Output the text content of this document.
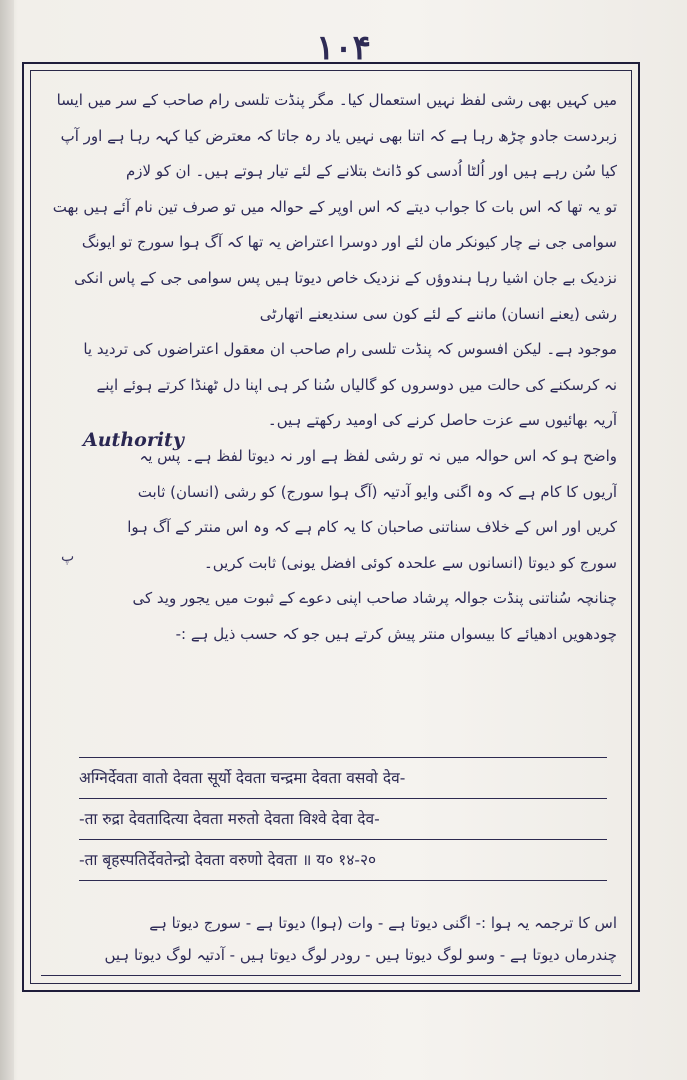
۱۰۴
میں کہیں بھی رشی لفظ نہیں استعمال کیا۔ مگر پنڈت تلسی رام صاحب کے سر میں ایسا
زبردست جادو چڑھ رہا ہے کہ اتنا بھی نہیں یاد رہ جاتا کہ معترض کیا کہہ رہا ہے اور آپ
کیا سُن رہے ہیں اور اُلٹا اُدسی کو ڈانٹ بتلانے کے لئے تیار ہوتے ہیں۔ ان کو لازم
تو یہ تھا کہ اس بات کا جواب دیتے کہ اس اوپر کے حوالہ میں تو صرف تین نام آئے ہیں بھت
سوامی جی نے چار کیونکر مان لئے اور دوسرا اعتراض یہ تھا کہ آگ ہوا سورج تو ایونگ
نزدیک بے جان اشیا رہا ہندوؤں کے نزدیک خاص دیوتا ہیں پس سوامی جی کے پاس انکی
رشی (یعنے انسان) ماننے کے لئے کون سی سندیعنے اتھارٹی
موجود ہے۔ لیکن افسوس کہ پنڈت تلسی رام صاحب ان معقول اعتراضوں کی تردید یا
نہ کرسکنے کی حالت میں دوسروں کو گالیاں سُنا کر ہی اپنا دل ٹھنڈا کرتے ہوئے اپنے
آریہ بھائیوں سے عزت حاصل کرنے کی اومید رکھتے ہیں۔
واضح ہو کہ اس حوالہ میں نہ تو رشی لفظ ہے اور نہ دیوتا لفظ ہے۔ پس یہ
آریوں کا کام ہے کہ وہ اگنی وایو آدتیہ (آگ ہوا سورج) کو رشی (انسان) ثابت
کریں اور اس کے خلاف سناتنی صاحبان کا یہ کام ہے کہ وہ اس منتر کے آگ ہوا
سورج کو دیوتا (انسانوں سے علحدہ کوئی افضل یونی) ثابت کریں۔
چنانچہ سُناتنی پنڈت جوالہ پرشاد صاحب اپنی دعوے کے ثبوت میں یجور وید کی
چودھویں ادھیائے کا بیسواں منتر پیش کرتے ہیں جو کہ حسب ذیل ہے :-
Authority
پ
अग्निर्देवता वातो देवता सूर्यो देवता चन्द्रमा देवता वसवो देव-
-ता रुद्रा देवतादित्या देवता मरुतो देवता विश्वे देवा देव-
-ता बृहस्पतिर्देवतेन्द्रो देवता वरुणो देवता ॥ य० १४-२०
اس کا ترجمہ یہ ہوا :- اگنی دیوتا ہے - وات (ہوا) دیوتا ہے - سورج دیوتا ہے
چندرماں دیوتا ہے - وسو لوگ دیوتا ہیں - رودر لوگ دیوتا ہیں - آدتیہ لوگ دیوتا ہیں
